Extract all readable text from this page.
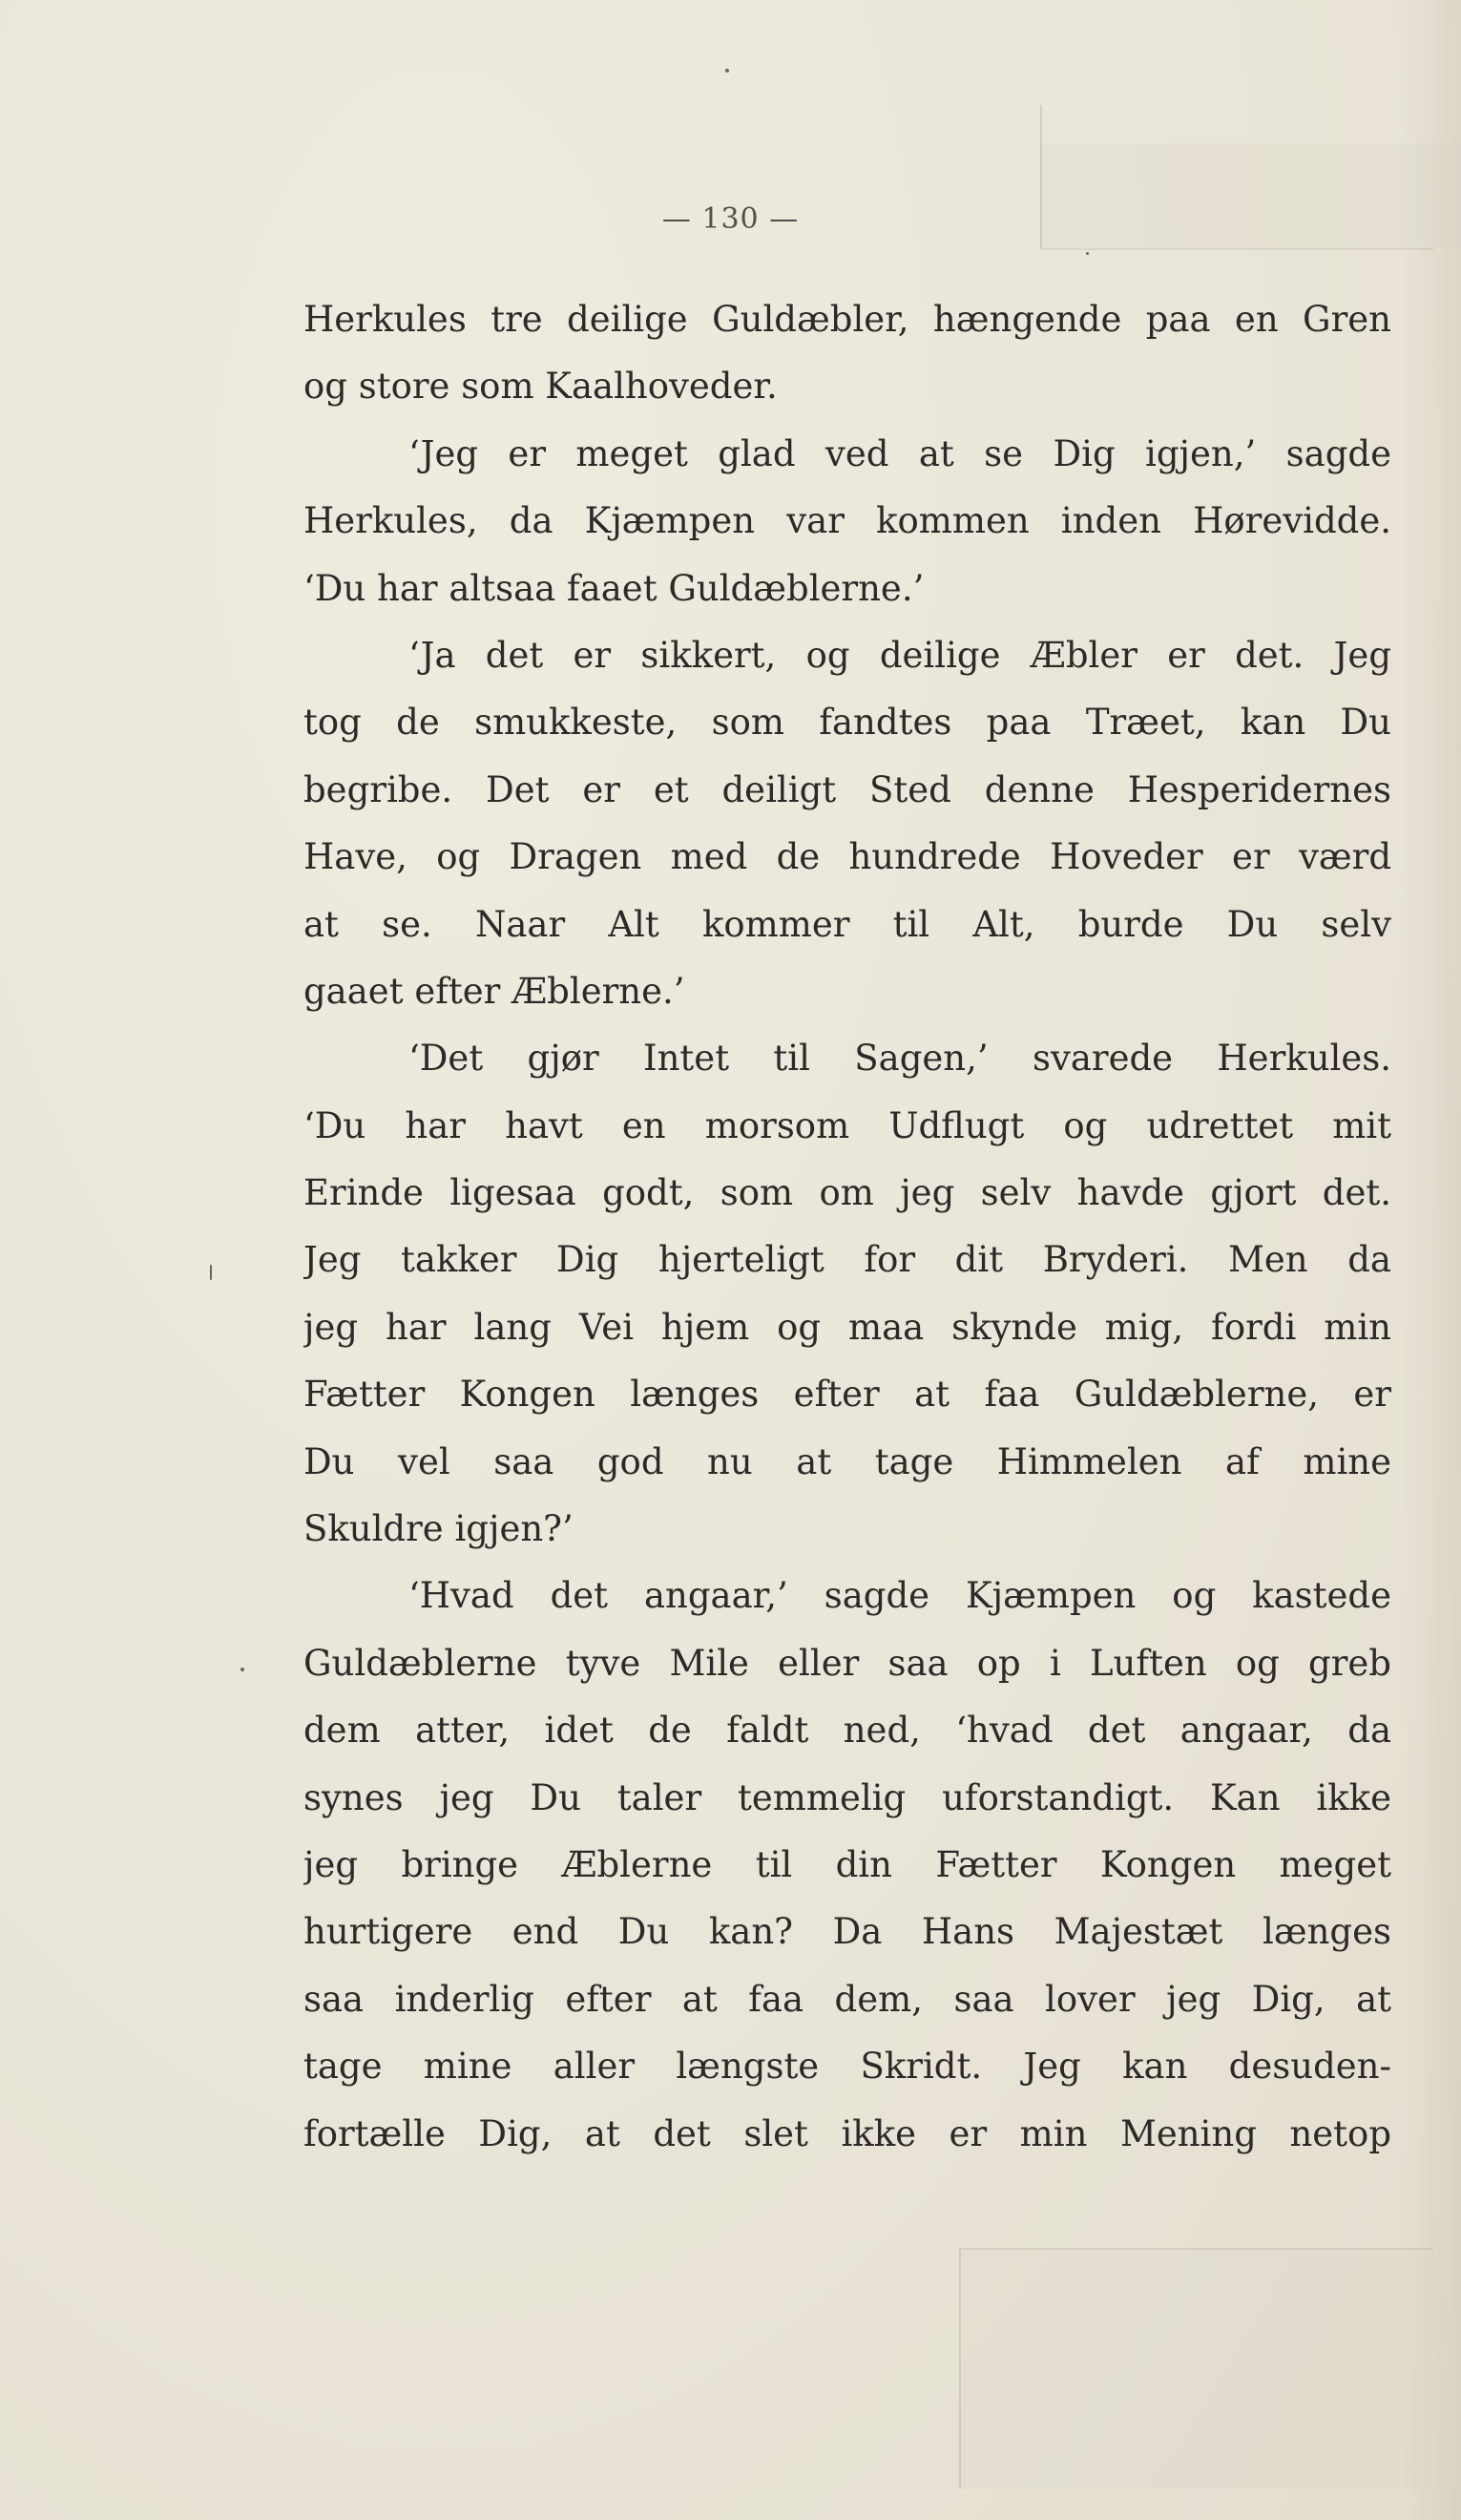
— 130 —
Herkules tre deilige Guldæbler, hængende paa en Gren
og store som Kaalhoveder.
‘Jeg er meget glad ved at se Dig igjen,’ sagde
Herkules, da Kjæmpen var kommen inden Hørevidde.
‘Du har altsaa faaet Guldæblerne.’
‘Ja det er sikkert, og deilige Æbler er det. Jeg
tog de smukkeste, som fandtes paa Træet, kan Du
begribe. Det er et deiligt Sted denne Hesperidernes
Have, og Dragen med de hundrede Hoveder er værd
at se. Naar Alt kommer til Alt, burde Du selv
gaaet efter Æblerne.’
‘Det gjør Intet til Sagen,’ svarede Herkules.
‘Du har havt en morsom Udflugt og udrettet mit
Erinde ligesaa godt, som om jeg selv havde gjort det.
Jeg takker Dig hjerteligt for dit Bryderi. Men da
jeg har lang Vei hjem og maa skynde mig, fordi min
Fætter Kongen længes efter at faa Guldæblerne, er
Du vel saa god nu at tage Himmelen af mine
Skuldre igjen?’
‘Hvad det angaar,’ sagde Kjæmpen og kastede
Guldæblerne tyve Mile eller saa op i Luften og greb
dem atter, idet de faldt ned, ‘hvad det angaar, da
synes jeg Du taler temmelig uforstandigt. Kan ikke
jeg bringe Æblerne til din Fætter Kongen meget
hurtigere end Du kan? Da Hans Majestæt længes
saa inderlig efter at faa dem, saa lover jeg Dig, at
tage mine aller længste Skridt. Jeg kan desuden-
fortælle Dig, at det slet ikke er min Mening netop
